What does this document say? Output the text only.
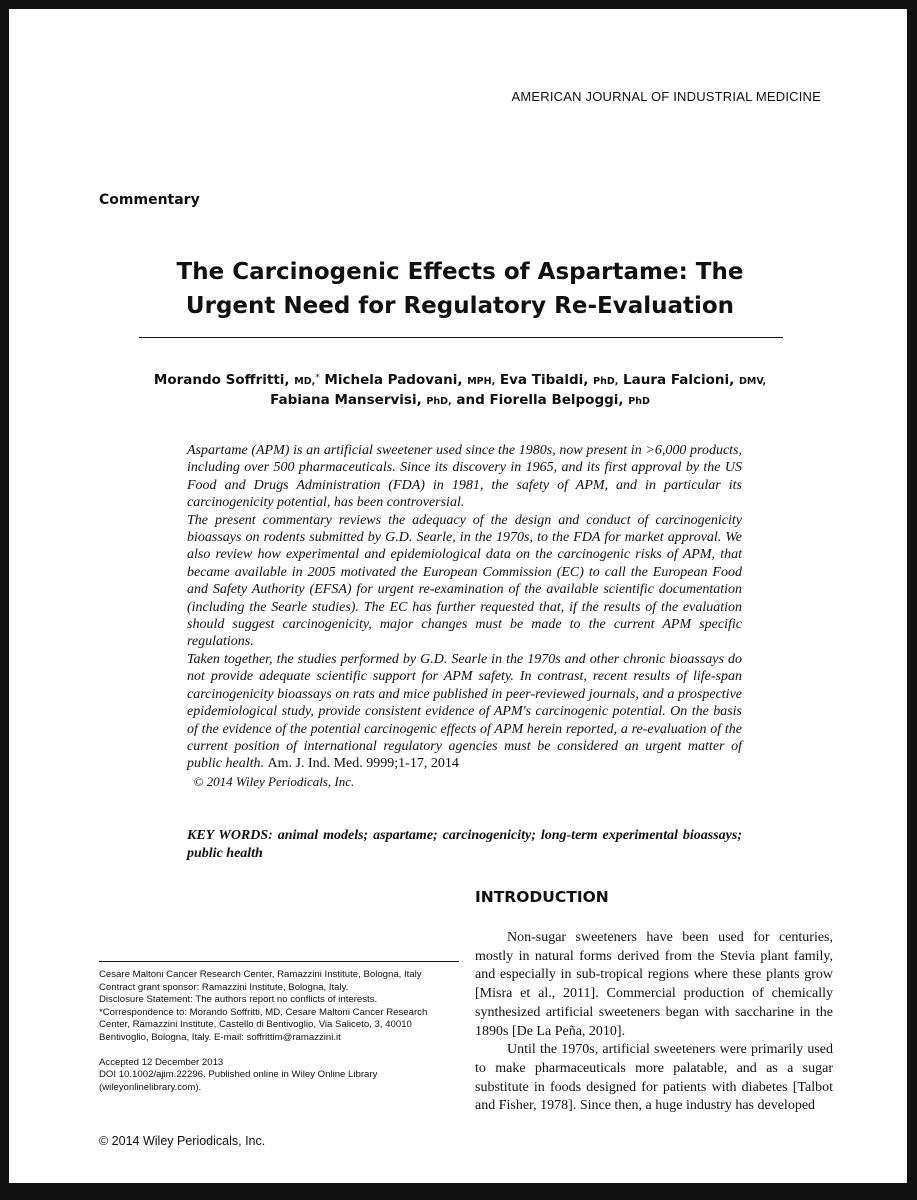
AMERICAN JOURNAL OF INDUSTRIAL MEDICINE
Commentary
The Carcinogenic Effects of Aspartame: The
Urgent Need for Regulatory Re-Evaluation
Morando Soffritti, MD,* Michela Padovani, MPH, Eva Tibaldi, PhD, Laura Falcioni, DMV,
Fabiana Manservisi, PhD, and Fiorella Belpoggi, PhD

Aspartame (APM) is an artificial sweetener used since the 1980s, now present in >6,000 products, including over 500 pharmaceuticals. Since its discovery in 1965, and its first approval by the US Food and Drugs Administration (FDA) in 1981, the safety of APM, and in particular its carcinogenicity potential, has been controversial.

The present commentary reviews the adequacy of the design and conduct of carcinogenicity bioassays on rodents submitted by G.D. Searle, in the 1970s, to the FDA for market approval. We also review how experimental and epidemiological data on the carcinogenic risks of APM, that became available in 2005 motivated the European Commission (EC) to call the European Food and Safety Authority (EFSA) for urgent re-examination of the available scientific documentation (including the Searle studies). The EC has further requested that, if the results of the evaluation should suggest carcinogenicity, major changes must be made to the current APM specific regulations.

Taken together, the studies performed by G.D. Searle in the 1970s and other chronic bioassays do not provide adequate scientific support for APM safety. In contrast, recent results of life-span carcinogenicity bioassays on rats and mice published in peer-reviewed journals, and a prospective epidemiological study, provide consistent evidence of APM's carcinogenic potential. On the basis of the evidence of the potential carcinogenic effects of APM herein reported, a re-evaluation of the current position of international regulatory agencies must be considered an urgent matter of public health. Am. J. Ind. Med. 9999;1-17, 2014

© 2014 Wiley Periodicals, Inc.

KEY WORDS: animal models; aspartame; carcinogenicity; long-term experimental bioassays; public health
INTRODUCTION

Non-sugar sweeteners have been used for centuries, mostly in natural forms derived from the Stevia plant family, and especially in sub-tropical regions where these plants grow [Misra et al., 2011]. Commercial production of chemically synthesized artificial sweeteners began with saccharine in the 1890s [De La Peña, 2010].

Until the 1970s, artificial sweeteners were primarily used to make pharmaceuticals more palatable, and as a sugar substitute in foods designed for patients with diabetes [Talbot and Fisher, 1978]. Since then, a huge industry has developed

Cesare Maltoni Cancer Research Center, Ramazzini Institute, Bologna, Italy

Contract grant sponsor: Ramazzini Institute, Bologna, Italy.

Disclosure Statement: The authors report no conflicts of interests.

*Correspondence to: Morando Soffritti, MD, Cesare Maltoni Cancer Research Center, Ramazzini Institute, Castello di Bentivoglio, Via Saliceto, 3, 40010 Bentivoglio, Bologna, Italy. E-mail: soffrittim@ramazzini.it

Accepted 12 December 2013

DOI 10.1002/ajim.22296. Published online in Wiley Online Library (wileyonlinelibrary.com).

© 2014 Wiley Periodicals, Inc.
